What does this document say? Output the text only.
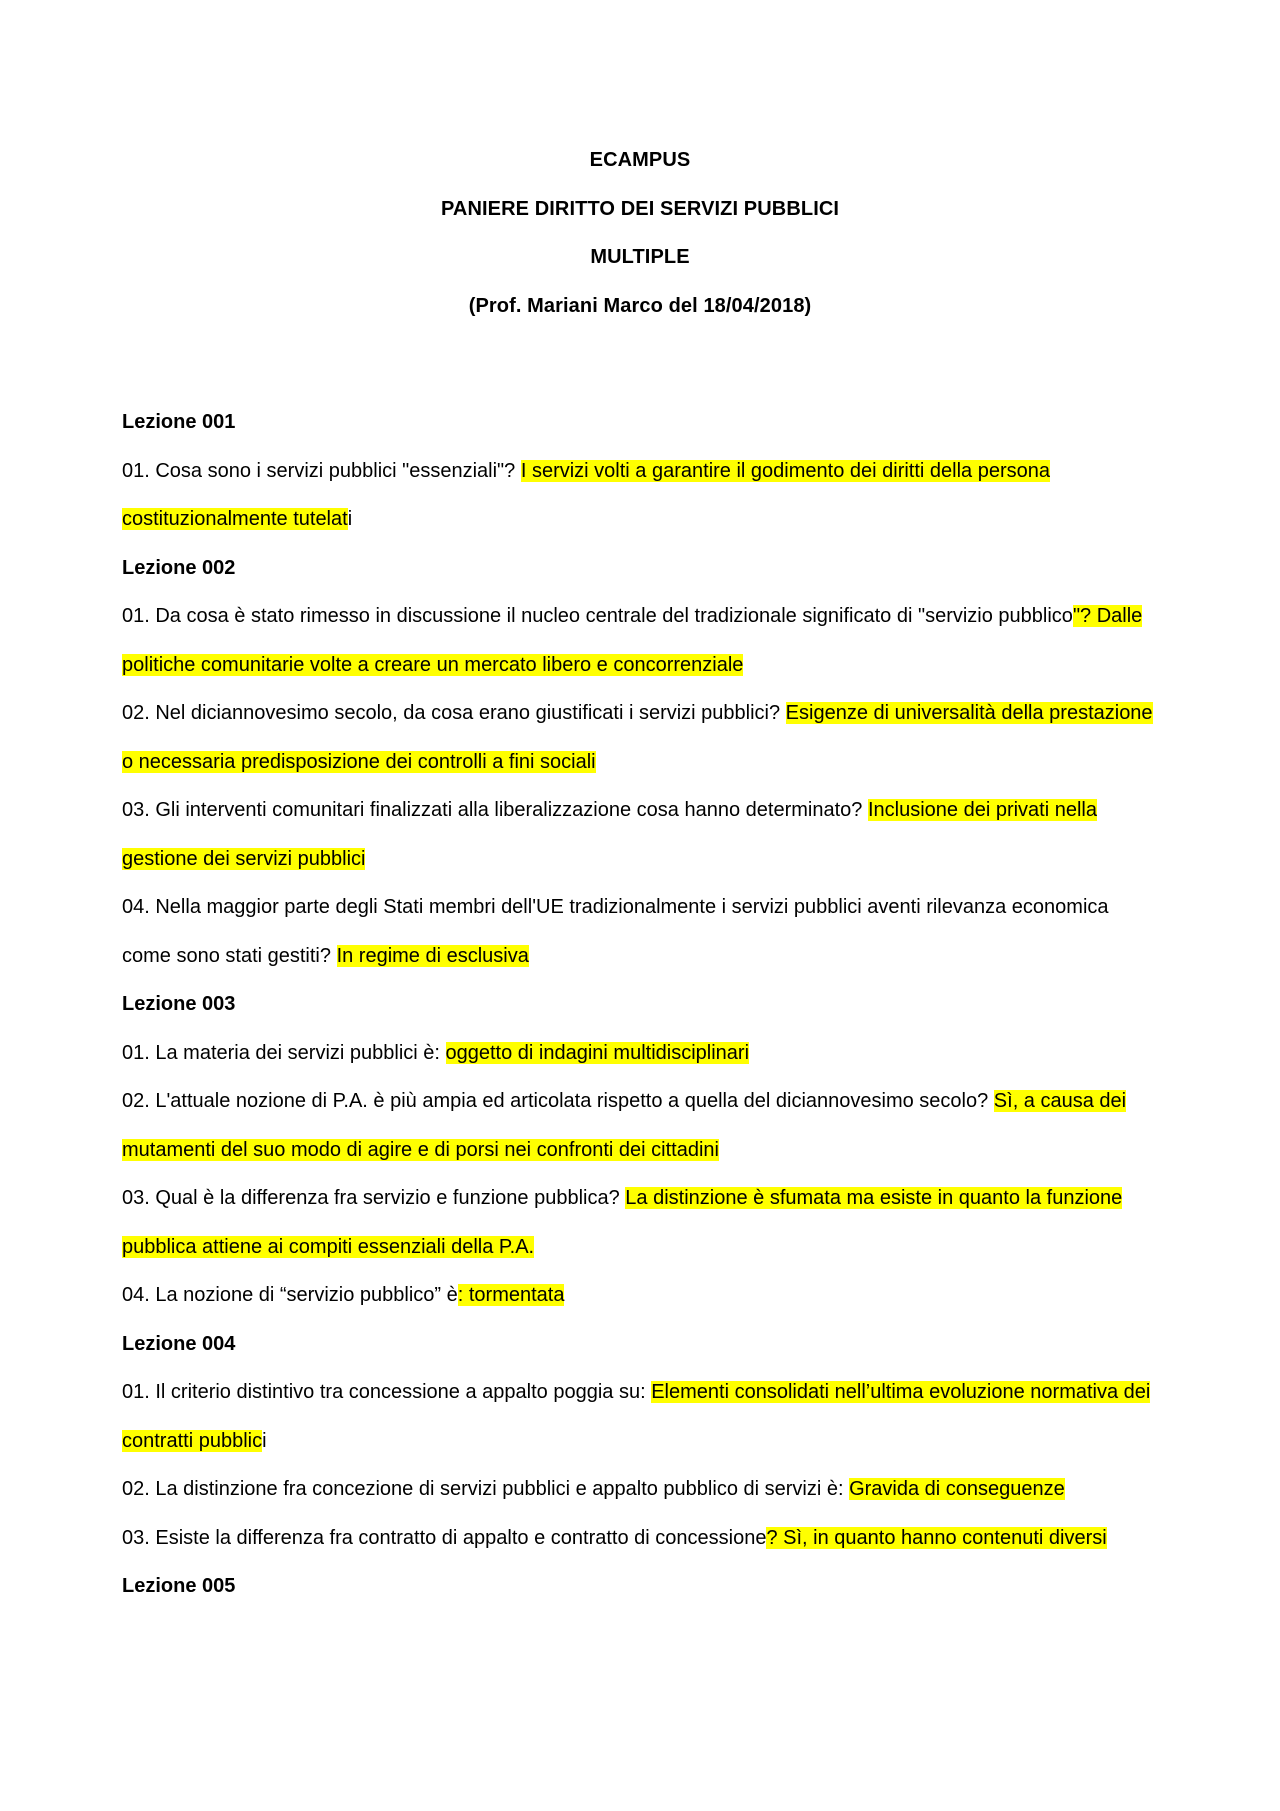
ECAMPUS
PANIERE DIRITTO DEI SERVIZI PUBBLICI
MULTIPLE
(Prof. Mariani Marco del 18/04/2018)
Lezione 001

01. Cosa sono i servizi pubblici "essenziali"? I servizi volti a garantire il godimento dei diritti della persona costituzionalmente tutelati

Lezione 002

01. Da cosa è stato rimesso in discussione il nucleo centrale del tradizionale significato di "servizio pubblico"? Dalle politiche comunitarie volte a creare un mercato libero e concorrenziale

02. Nel diciannovesimo secolo, da cosa erano giustificati i servizi pubblici? Esigenze di universalità della prestazione o necessaria predisposizione dei controlli a fini sociali

03. Gli interventi comunitari finalizzati alla liberalizzazione cosa hanno determinato? Inclusione dei privati nella gestione dei servizi pubblici

04. Nella maggior parte degli Stati membri dell'UE tradizionalmente i servizi pubblici aventi rilevanza economica come sono stati gestiti? In regime di esclusiva

Lezione 003

01. La materia dei servizi pubblici è: oggetto di indagini multidisciplinari

02. L'attuale nozione di P.A. è più ampia ed articolata rispetto a quella del diciannovesimo secolo? Sì, a causa dei mutamenti del suo modo di agire e di porsi nei confronti dei cittadini

03. Qual è la differenza fra servizio e funzione pubblica? La distinzione è sfumata ma esiste in quanto la funzione pubblica attiene ai compiti essenziali della P.A.

04. La nozione di “servizio pubblico” è: tormentata

Lezione 004

01. Il criterio distintivo tra concessione a appalto poggia su: Elementi consolidati nell’ultima evoluzione normativa dei contratti pubblici

02. La distinzione fra concezione di servizi pubblici e appalto pubblico di servizi è: Gravida di conseguenze

03. Esiste la differenza fra contratto di appalto e contratto di concessione? Sì, in quanto hanno contenuti diversi

Lezione 005
